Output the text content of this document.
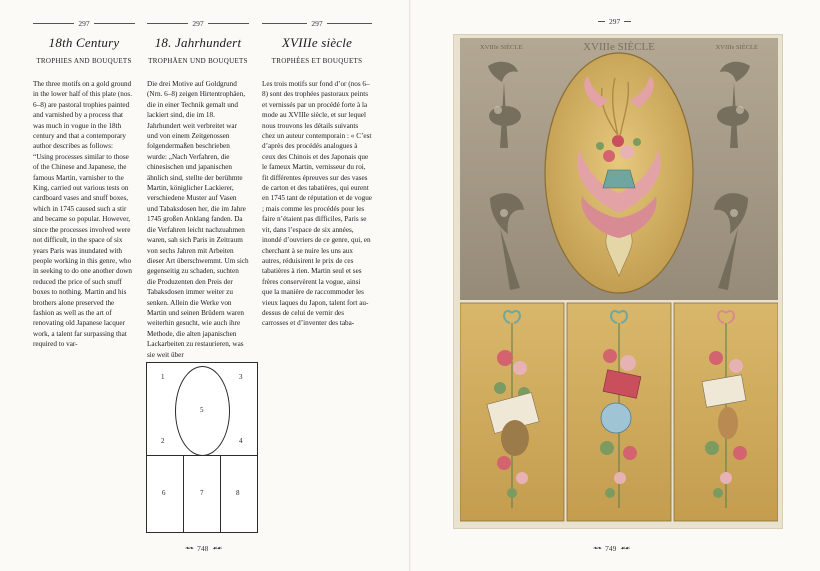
297
18th Century
TROPHIES AND BOUQUETS
The three motifs on a gold ground in the lower half of this plate (nos. 6–8) are pastoral trophies painted and varnished by a process that was much in vogue in the 18th century and that a contemporary author describes as follows: “Using processes similar to those of the Chinese and Japanese, the famous Martin, varnisher to the King, carried out various tests on cardboard vases and snuff boxes, which in 1745 caused such a stir and became so popular. However, since the processes involved were not difficult, in the space of six years Paris was inundated with people working in this genre, who in seeking to do one another down reduced the price of such snuff boxes to nothing. Martin and his brothers alone preserved the fashion as well as the art of renovating old Japanese lacquer work, a talent far surpassing that required to var-
297
18. Jahrhundert
TROPHÄEN UND BOUQUETS
Die drei Motive auf Goldgrund (Nrn. 6–8) zeigen Hirtentrophäen, die in einer Technik gemalt und lackiert sind, die im 18. Jahrhundert weit verbreitet war und von einem Zeitgenossen folgendermaßen beschrieben wurde: „Nach Verfahren, die chinesischen und japanischen ähnlich sind, stellte der berühmte Martin, königlicher Lackierer, verschiedene Muster auf Vasen und Tabaksdosen her, die im Jahre 1745 großen Anklang fanden. Da die Verfahren leicht nachzuahmen waren, sah sich Paris in Zeitraum von sechs Jahren mit Arbeiten dieser Art überschwemmt. Um sich gegenseitig zu schaden, suchten die Produzenten den Preis der Tabaksdosen immer weiter zu senken. Allein die Werke von Martin und seinen Brüdern waren weiterhin gesucht, wie auch ihre Methode, die alten japanischen Lackarbeiten zu restaurieren, was sie weit über
297
XVIIIe siècle
TROPHÉES ET BOUQUETS
Les trois motifs sur fond d’or (nos 6–8) sont des trophées pastoraux peints et vernissés par un procédé forte à la mode au XVIIIe siècle, et sur lequel nous trouvons les détails suivants chez un auteur contemporain : « C’est d’après des procédés analogues à ceux des Chinois et des Japonais que le fameux Martin, vernisseur du roi, fit différentes épreuves sur des vases de carton et des tabatières, qui eurent en 1745 tant de réputation et de vogue ; mais comme les procédés pour les faire n’étaient pas difficiles, Paris se vit, dans l’espace de six années, inondé d’ouvriers de ce genre, qui, en cherchant à se nuire les uns aux autres, réduisirent le prix de ces tabatières à rien. Martin seul et ses frères conservèrent la vogue, ainsi que la manière de raccommoder les vieux laques du Japon, talent fort au-dessus de celui de vernir des carrosses et d’inventer des taba-
1
2
3
4
5
6	7	8
❧❧ 748 ☙☙
297
XVIIIe SIÈCLE	XVIIIe SIÈCLE	XVIIIe SIÈCLE
❧❧ 749 ☙☙
